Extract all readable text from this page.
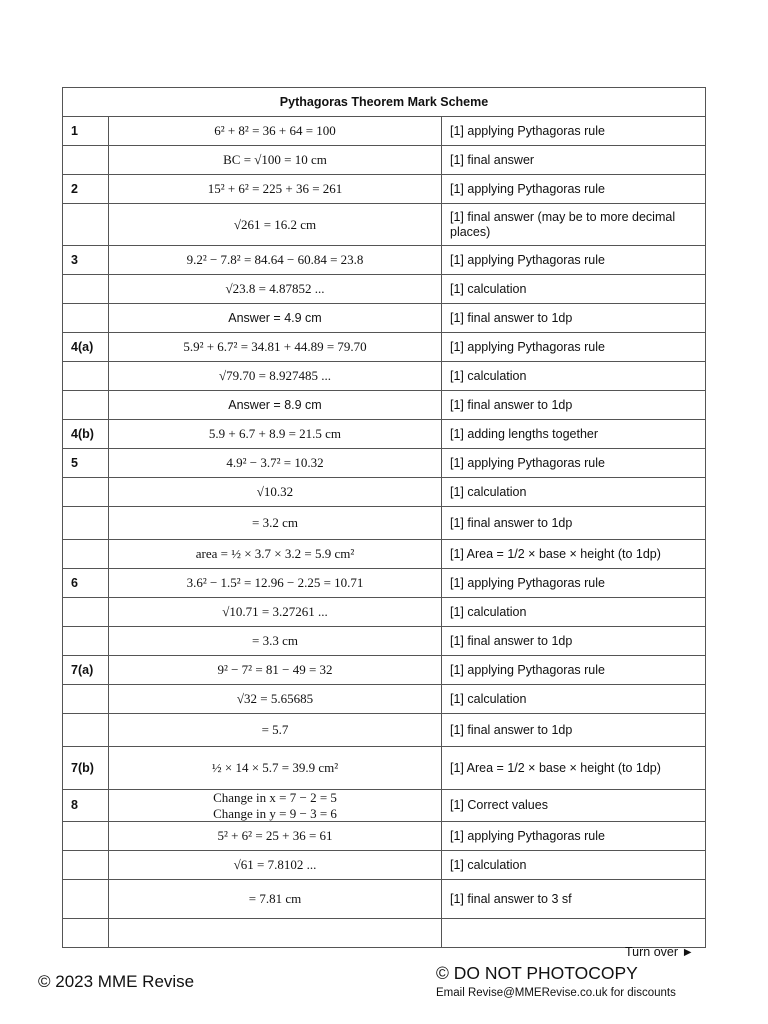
Pythagoras Theorem Mark Scheme		
1	6² + 8² = 36 + 64 = 100	[1] applying Pythagoras rule
	BC = √100 = 10 cm	[1] final answer
2	15² + 6² = 225 + 36 = 261	[1] applying Pythagoras rule
	√261 = 16.2 cm	[1] final answer (may be to more decimal places)
3	9.2² − 7.8² = 84.64 − 60.84 = 23.8	[1] applying Pythagoras rule
	√23.8 = 4.87852 ...	[1] calculation
	Answer = 4.9 cm	[1] final answer to 1dp
4(a)	5.9² + 6.7² = 34.81 + 44.89 = 79.70	[1] applying Pythagoras rule
	√79.70 = 8.927485 ...	[1] calculation
	Answer = 8.9 cm	[1] final answer to 1dp
4(b)	5.9 + 6.7 + 8.9 = 21.5 cm	[1] adding lengths together
5	4.9² − 3.7² = 10.32	[1] applying Pythagoras rule
	√10.32	[1] calculation
	= 3.2 cm	[1] final answer to 1dp
	area = ½ × 3.7 × 3.2 = 5.9 cm²	[1] Area = 1/2 × base × height (to 1dp)
6	3.6² − 1.5² = 12.96 − 2.25 = 10.71	[1] applying Pythagoras rule
	√10.71 = 3.27261 ...	[1] calculation
	= 3.3 cm	[1] final answer to 1dp
7(a)	9² − 7² = 81 − 49 = 32	[1] applying Pythagoras rule
	√32 = 5.65685	[1] calculation
	= 5.7	[1] final answer to 1dp
7(b)	½ × 14 × 5.7 = 39.9 cm²	[1] Area = 1/2 × base × height (to 1dp)
8	Change in x = 7 − 2 = 5
Change in y = 9 − 3 = 6	[1] Correct values
	5² + 6² = 25 + 36 = 61	[1] applying Pythagoras rule
	√61 = 7.8102 ...	[1] calculation
	= 7.81 cm	[1] final answer to 3 sf

Turn over ►
© 2023 MME Revise	© DO NOT PHOTOCOPY
Email Revise@MMERevise.co.uk for discounts
